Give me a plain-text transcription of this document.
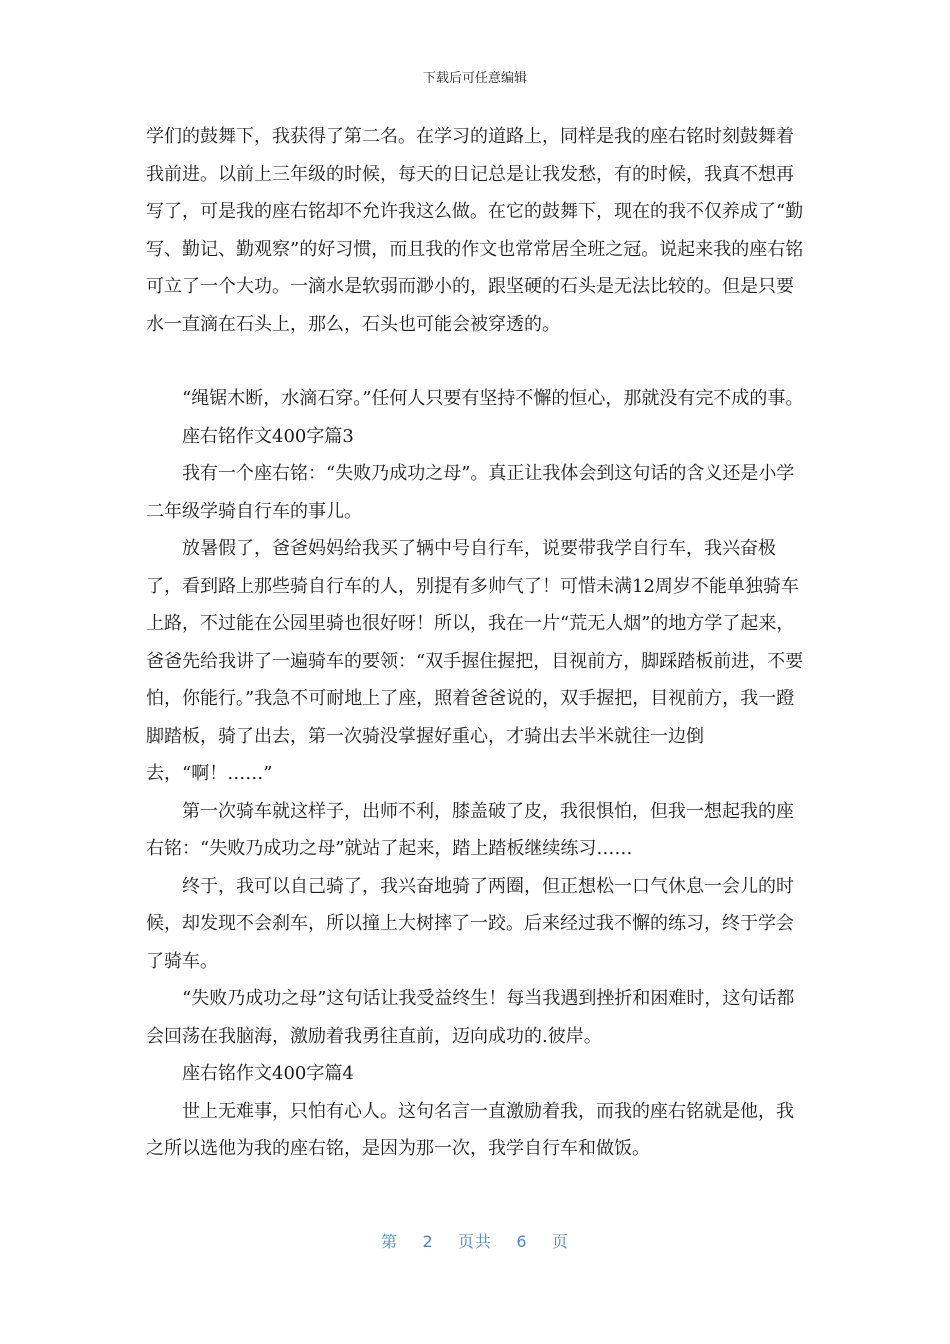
下载后可任意编辑

学们的鼓舞下，我获得了第二名。在学习的道路上，同样是我的座右铭时刻鼓舞着我前进。以前上三年级的时候，每天的日记总是让我发愁，有的时候，我真不想再写了，可是我的座右铭却不允许我这么做。在它的鼓舞下，现在的我不仅养成了“勤写、勤记、勤观察”的好习惯，而且我的作文也常常居全班之冠。说起来我的座右铭可立了一个大功。一滴水是软弱而渺小的，跟坚硬的石头是无法比较的。但是只要水一直滴在石头上，那么，石头也可能会被穿透的。

“绳锯木断，水滴石穿。”任何人只要有坚持不懈的恒心，那就没有完不成的事。

座右铭作文400字篇3

我有一个座右铭：“失败乃成功之母”。真正让我体会到这句话的含义还是小学二年级学骑自行车的事儿。

放暑假了，爸爸妈妈给我买了辆中号自行车，说要带我学自行车，我兴奋极了，看到路上那些骑自行车的人，别提有多帅气了！可惜未满12周岁不能单独骑车上路，不过能在公园里骑也很好呀！所以，我在一片“荒无人烟”的地方学了起来，爸爸先给我讲了一遍骑车的要领：“双手握住握把，目视前方，脚踩踏板前进，不要怕，你能行。”我急不可耐地上了座，照着爸爸说的，双手握把，目视前方，我一蹬脚踏板，骑了出去，第一次骑没掌握好重心，才骑出去半米就往一边倒去，“啊！……”

第一次骑车就这样子，出师不利，膝盖破了皮，我很惧怕，但我一想起我的座右铭：“失败乃成功之母”就站了起来，踏上踏板继续练习……

终于，我可以自己骑了，我兴奋地骑了两圈，但正想松一口气休息一会儿的时候，却发现不会刹车，所以撞上大树摔了一跤。后来经过我不懈的练习，终于学会了骑车。

“失败乃成功之母”这句话让我受益终生！每当我遇到挫折和困难时，这句话都会回荡在我脑海，激励着我勇往直前，迈向成功的.彼岸。

座右铭作文400字篇4

世上无难事，只怕有心人。这句名言一直激励着我，而我的座右铭就是他，我之所以选他为我的座右铭，是因为那一次，我学自行车和做饭。

第 2 页共 6 页
